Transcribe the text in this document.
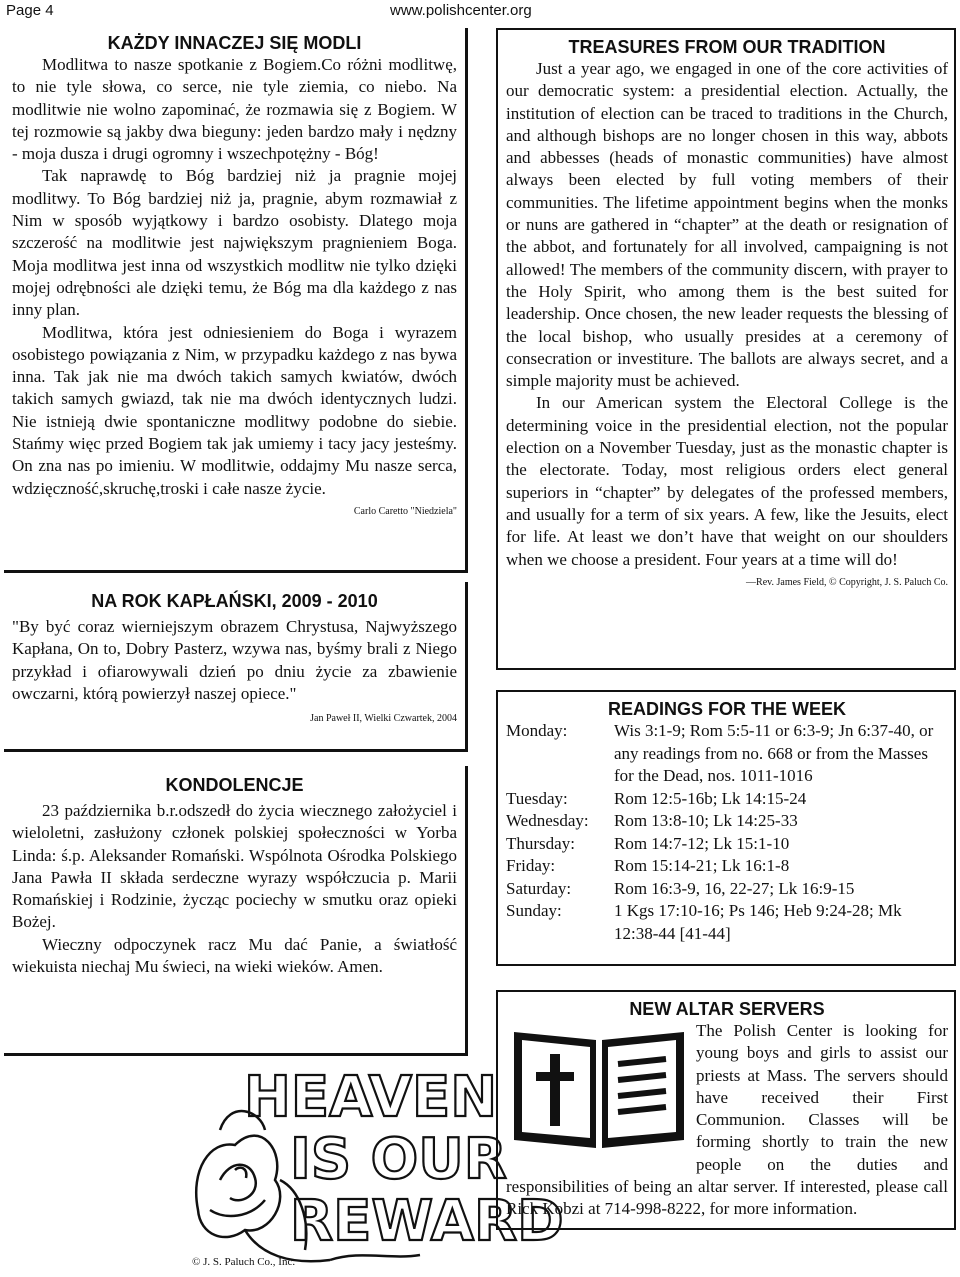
Page 4	www.polishcenter.org
KAŻDY INNACZEJ SIĘ MODLI

Modlitwa to nasze spotkanie z Bogiem.Co różni modlitwę, to nie tyle słowa, co serce, nie tyle ziemia, co niebo. Na modlitwie nie wolno zapominać, że rozmawia się z Bogiem. W tej rozmowie są jakby dwa bieguny: jeden bardzo mały i nędzny - moja dusza i drugi ogromny i wszechpotężny - Bóg!

Tak naprawdę to Bóg bardziej niż ja pragnie mojej modlitwy. To Bóg bardziej niż ja, pragnie, abym rozmawiał z Nim w sposób wyjątkowy i bardzo osobisty. Dlatego moja szczerość na modlitwie jest największym pragnieniem Boga. Moja modlitwa jest inna od wszystkich modlitw nie tylko dzięki mojej odrębności ale dzięki temu, że Bóg ma dla każdego z nas inny plan.

Modlitwa, która jest odniesieniem do Boga i wyrazem osobistego powiązania z Nim, w przypadku każdego z nas bywa inna. Tak jak nie ma dwóch takich samych kwiatów, dwóch takich samych gwiazd, tak nie ma dwóch identycznych ludzi. Nie istnieją dwie spontaniczne modlitwy podobne do siebie. Stańmy więc przed Bogiem tak jak umiemy i tacy jacy jesteśmy. On zna nas po imieniu. W modlitwie, oddajmy Mu nasze serca, wdzięczność,skruchę,troski i całe nasze życie.

Carlo Caretto "Niedziela"
NA ROK KAPŁAŃSKI, 2009 - 2010

"By być coraz wierniejszym obrazem Chrystusa, Najwyższego Kapłana, On to, Dobry Pasterz, wzywa nas, byśmy brali z Niego przykład i ofiarowywali dzień po dniu życie za zbawienie owczarni, którą powierzył naszej opiece."

Jan Paweł II, Wielki Czwartek, 2004
KONDOLENCJE

23 października b.r.odszedł do życia wiecznego założyciel i wieloletni, zasłużony członek polskiej społeczności w Yorba Linda: ś.p. Aleksander Romański. Wspólnota Ośrodka Polskiego Jana Pawła II składa serdeczne wyrazy współczucia p. Marii Romańskiej i Rodzinie, życząc pociechy w smutku oraz opieki Bożej.

Wieczny odpoczynek racz Mu dać Panie, a światłość wiekuista niechaj Mu świeci, na wieki wieków. Amen.

HEAVEN
IS OUR
REWARD
© J. S. Paluch Co., Inc.
TREASURES FROM OUR TRADITION

Just a year ago, we engaged in one of the core activities of our democratic system: a presidential election. Actually, the institution of election can be traced to traditions in the Church, and although bishops are no longer chosen in this way, abbots and abbesses (heads of monastic communities) have almost always been elected by full voting members of their communities. The lifetime appointment begins when the monks or nuns are gathered in “chapter” at the death or resignation of the abbot, and fortunately for all involved, campaigning is not allowed! The members of the community discern, with prayer to the Holy Spirit, who among them is the best suited for leadership. Once chosen, the new leader requests the blessing of the local bishop, who usually presides at a ceremony of consecration or investiture. The ballots are always secret, and a simple majority must be achieved.

In our American system the Electoral College is the determining voice in the presidential election, not the popular election on a November Tuesday, just as the monastic chapter is the electorate. Today, most religious orders elect general superiors in “chapter” by delegates of the professed members, and usually for a term of six years. A few, like the Jesuits, elect for life. At least we don’t have that weight on our shoulders when we choose a president. Four years at a time will do!

—Rev. James Field, © Copyright, J. S. Paluch Co.
READINGS FOR THE WEEK
Monday:	Wis 3:1-9; Rom 5:5-11 or 6:3-9; Jn 6:37-40, or any readings from no. 668 or from the Masses for the Dead, nos. 1011-1016
Tuesday:	Rom 12:5-16b; Lk 14:15-24
Wednesday:	Rom 13:8-10; Lk 14:25-33
Thursday:	Rom 14:7-12; Lk 15:1-10
Friday:	Rom 15:14-21; Lk 16:1-8
Saturday:	Rom 16:3-9, 16, 22-27; Lk 16:9-15
Sunday:	1 Kgs 17:10-16; Ps 146; Heb 9:24-28; Mk 12:38-44 [41-44]
NEW ALTAR SERVERS

The Polish Center is looking for young boys and girls to assist our priests at Mass. The servers should have received their First Communion. Classes will be forming shortly to train the new people on the duties and responsibilities of being an altar server. If interested, please call Rick Kobzi at 714-998-8222, for more information.
